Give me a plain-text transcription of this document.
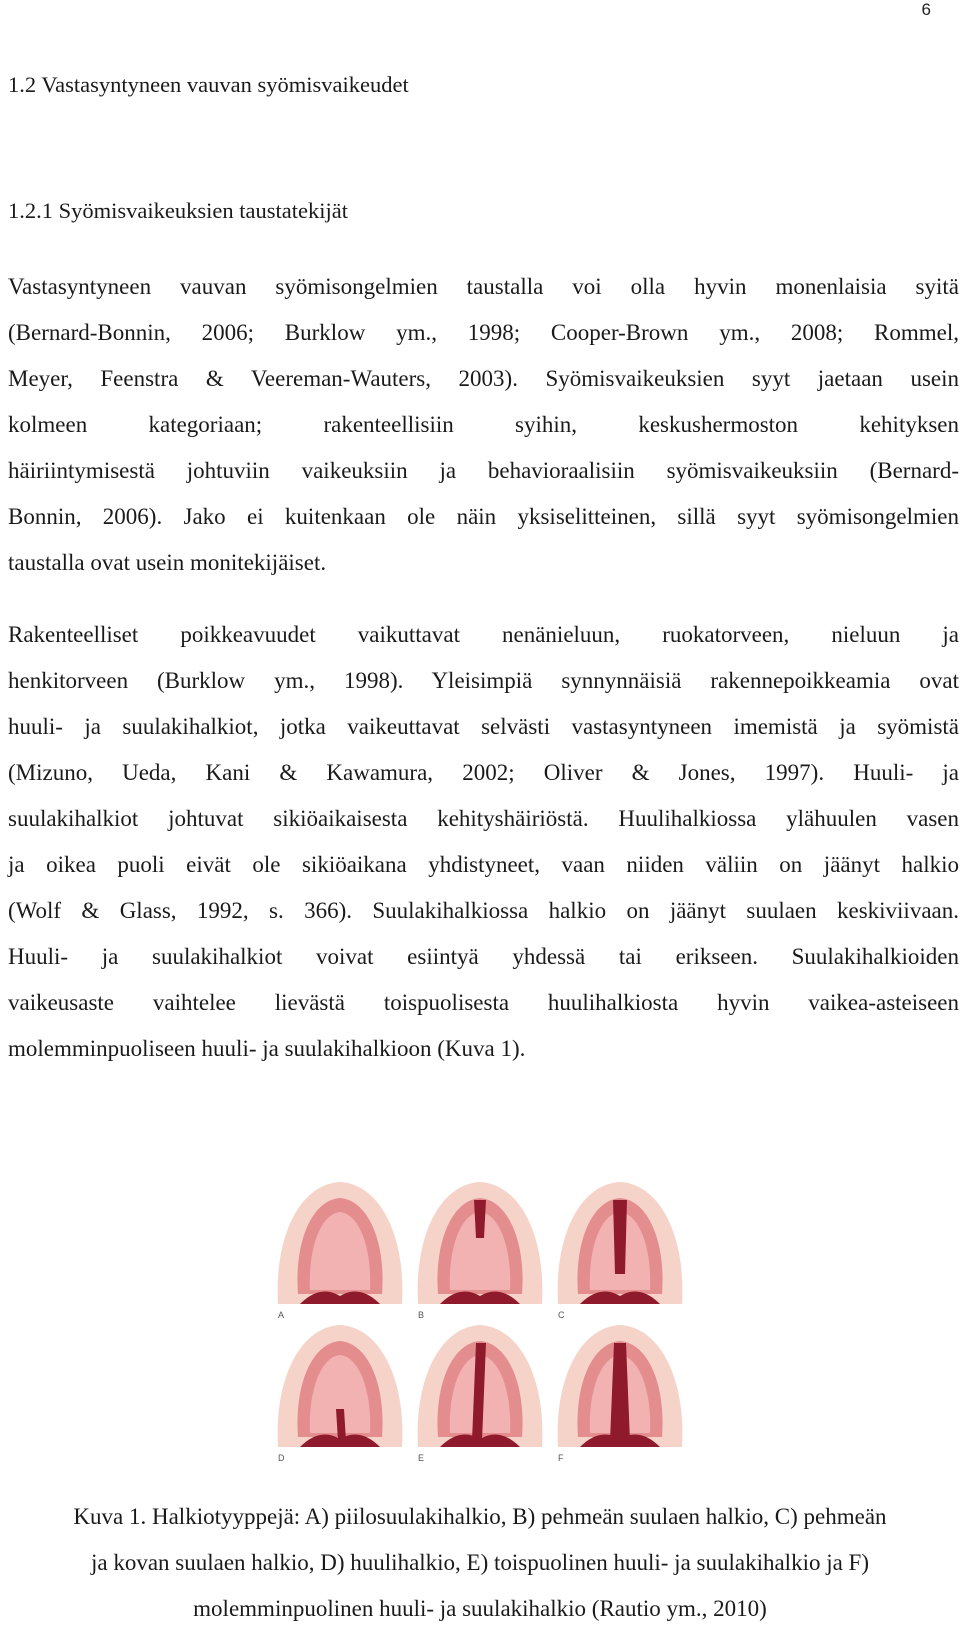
6
1.2 Vastasyntyneen vauvan syömisvaikeudet
1.2.1 Syömisvaikeuksien taustatekijät
Vastasyntyneen vauvan syömisongelmien taustalla voi olla hyvin monenlaisia syitä
(Bernard-Bonnin, 2006; Burklow ym., 1998; Cooper-Brown ym., 2008; Rommel,
Meyer, Feenstra & Veereman-Wauters, 2003). Syömisvaikeuksien syyt jaetaan usein
kolmeen kategoriaan; rakenteellisiin syihin, keskushermoston kehityksen
häiriintymisestä johtuviin vaikeuksiin ja behavioraalisiin syömisvaikeuksiin (Bernard-
Bonnin, 2006). Jako ei kuitenkaan ole näin yksiselitteinen, sillä syyt syömisongelmien
taustalla ovat usein monitekijäiset.
Rakenteelliset poikkeavuudet vaikuttavat nenänieluun, ruokatorveen, nieluun ja
henkitorveen (Burklow ym., 1998). Yleisimpiä synnynnäisiä rakennepoikkeamia ovat
huuli- ja suulakihalkiot, jotka vaikeuttavat selvästi vastasyntyneen imemistä ja syömistä
(Mizuno, Ueda, Kani & Kawamura, 2002; Oliver & Jones, 1997). Huuli- ja
suulakihalkiot johtuvat sikiöaikaisesta kehityshäiriöstä. Huulihalkiossa ylähuulen vasen
ja oikea puoli eivät ole sikiöaikana yhdistyneet, vaan niiden väliin on jäänyt halkio
(Wolf & Glass, 1992, s. 366). Suulakihalkiossa halkio on jäänyt suulaen keskiviivaan.
Huuli- ja suulakihalkiot voivat esiintyä yhdessä tai erikseen. Suulakihalkioiden
vaikeusaste vaihtelee lievästä toispuolisesta huulihalkiosta hyvin vaikea-asteiseen
molemminpuoliseen huuli- ja suulakihalkioon (Kuva 1).
A	B	C
D	E	F
Kuva 1. Halkiotyyppejä: A) piilosuulakihalkio, B) pehmeän suulaen halkio, C) pehmeän
ja kovan suulaen halkio, D) huulihalkio, E) toispuolinen huuli- ja suulakihalkio ja F)
molemminpuolinen huuli- ja suulakihalkio (Rautio ym., 2010)
